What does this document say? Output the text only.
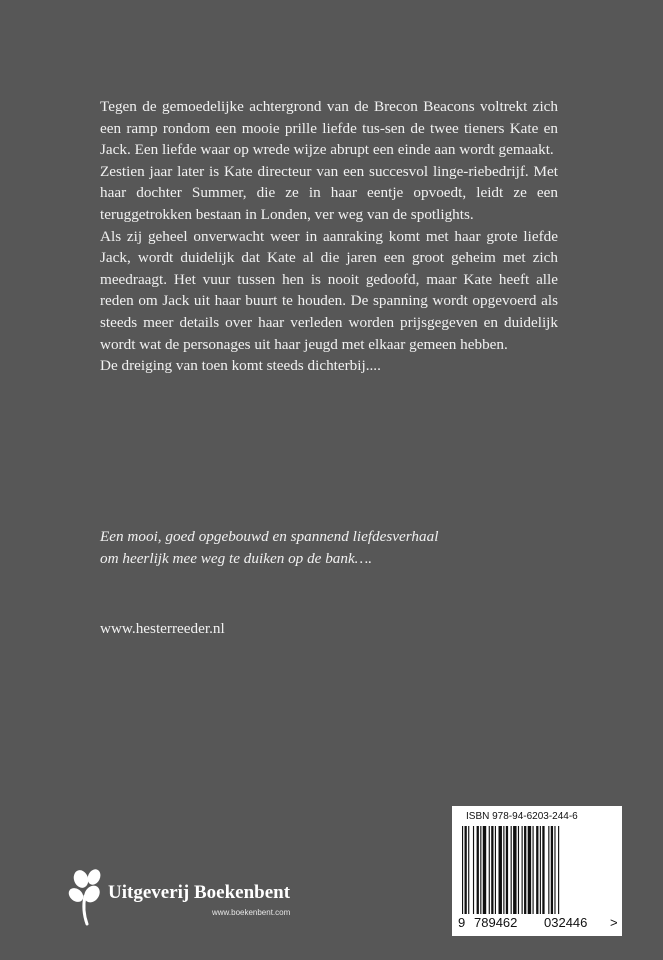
Tegen de gemoedelijke achtergrond van de Brecon Beacons voltrekt zich een ramp rondom een mooie prille liefde tus-sen de twee tieners Kate en Jack. Een liefde waar op wrede wijze abrupt een einde aan wordt gemaakt.

Zestien jaar later is Kate directeur van een succesvol linge-riebedrijf. Met haar dochter Summer, die ze in haar eentje opvoedt, leidt ze een teruggetrokken bestaan in Londen, ver weg van de spotlights.

Als zij geheel onverwacht weer in aanraking komt met haar grote liefde Jack, wordt duidelijk dat Kate al die jaren een groot geheim met zich meedraagt. Het vuur tussen hen is nooit gedoofd, maar Kate heeft alle reden om Jack uit haar buurt te houden. De spanning wordt opgevoerd als steeds meer details over haar verleden worden prijsgegeven en duidelijk wordt wat de personages uit haar jeugd met elkaar gemeen hebben.

De dreiging van toen komt steeds dichterbij....

Een mooi, goed opgebouwd en spannend liefdesverhaal
om heerlijk mee weg te duiken op de bank….
www.hesterreeder.nl
Uitgeverij Boekenbent
www.boekenbent.com
ISBN 978-94-6203-244-6
9 789462 032446 >
